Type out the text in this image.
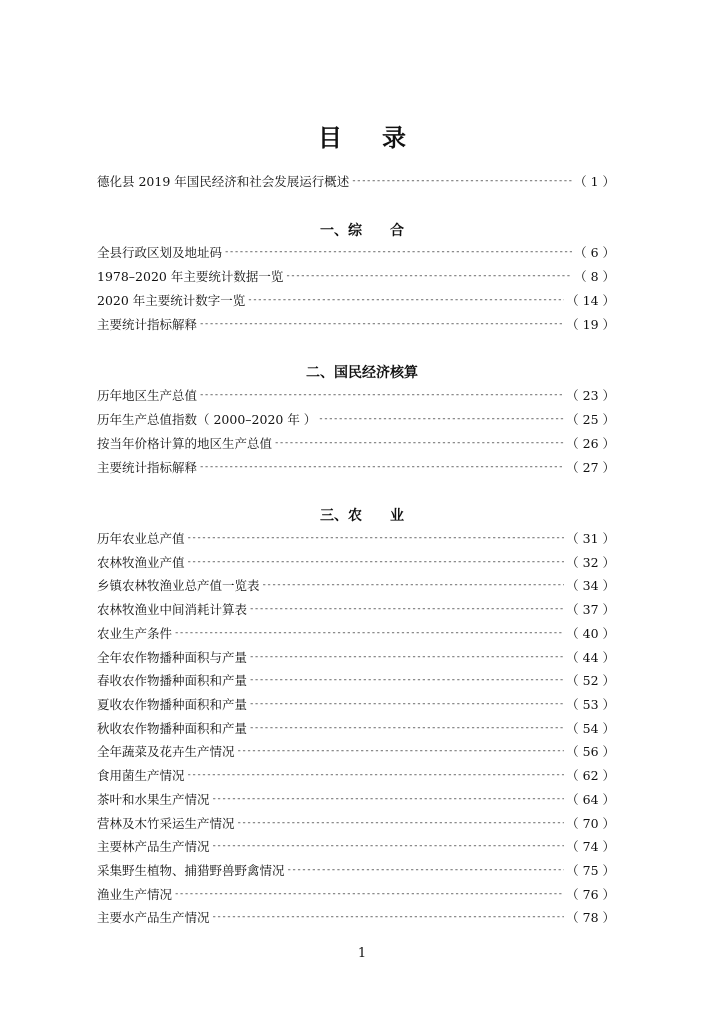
目 录
德化县 2019 年国民经济和社会发展运行概述 -----	（ 1 ）
一、综　　合
全县行政区划及地址码 -----	（ 6 ）
1978–2020 年主要统计数据一览 -----	（ 8 ）
2020 年主要统计数字一览 -----	（ 14 ）
主要统计指标解释 -----	（ 19 ）
二、国民经济核算
历年地区生产总值 -----	（ 23 ）
历年生产总值指数（ 2000–2020 年 ） -----	（ 25 ）
按当年价格计算的地区生产总值 -----	（ 26 ）
主要统计指标解释 -----	（ 27 ）
三、农　　业
历年农业总产值 -----	（ 31 ）
农林牧渔业产值 -----	（ 32 ）
乡镇农林牧渔业总产值一览表 -----	（ 34 ）
农林牧渔业中间消耗计算表 -----	（ 37 ）
农业生产条件 -----	（ 40 ）
全年农作物播种面积与产量 -----	（ 44 ）
春收农作物播种面积和产量 -----	（ 52 ）
夏收农作物播种面积和产量 -----	（ 53 ）
秋收农作物播种面积和产量 -----	（ 54 ）
全年蔬菜及花卉生产情况 -----	（ 56 ）
食用菌生产情况 -----	（ 62 ）
茶叶和水果生产情况 -----	（ 64 ）
营林及木竹采运生产情况 -----	（ 70 ）
主要林产品生产情况 -----	（ 74 ）
采集野生植物、捕猎野兽野禽情况 -----	（ 75 ）
渔业生产情况 -----	（ 76 ）
主要水产品生产情况 -----	（ 78 ）
1
